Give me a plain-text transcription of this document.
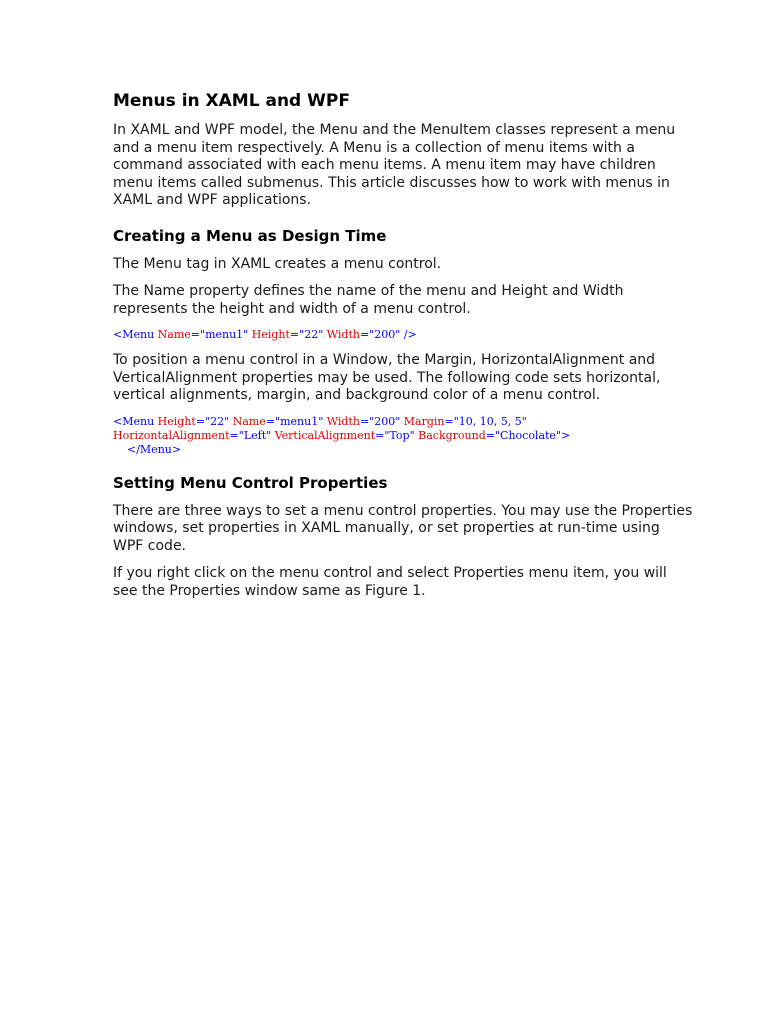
Menus in XAML and WPF

In XAML and WPF model, the Menu and the MenuItem classes represent a menu and a menu item respectively. A Menu is a collection of menu items with a command associated with each menu items. A menu item may have children menu items called submenus. This article discusses how to work with menus in XAML and WPF applications.

Creating a Menu as Design Time

The Menu tag in XAML creates a menu control.

The Name property defines the name of the menu and Height and Width represents the height and width of a menu control.

<Menu Name="menu1" Height="22" Width="200" />

To position a menu control in a Window, the Margin, HorizontalAlignment and VerticalAlignment properties may be used. The following code sets horizontal, vertical alignments, margin, and background color of a menu control.

<Menu Height="22" Name="menu1" Width="200" Margin="10, 10, 5, 5"
HorizontalAlignment="Left" VerticalAlignment="Top" Background="Chocolate">
</Menu>
Setting Menu Control Properties

There are three ways to set a menu control properties. You may use the Properties windows, set properties in XAML manually, or set properties at run-time using WPF code.

If you right click on the menu control and select Properties menu item, you will see the Properties window same as Figure 1.
